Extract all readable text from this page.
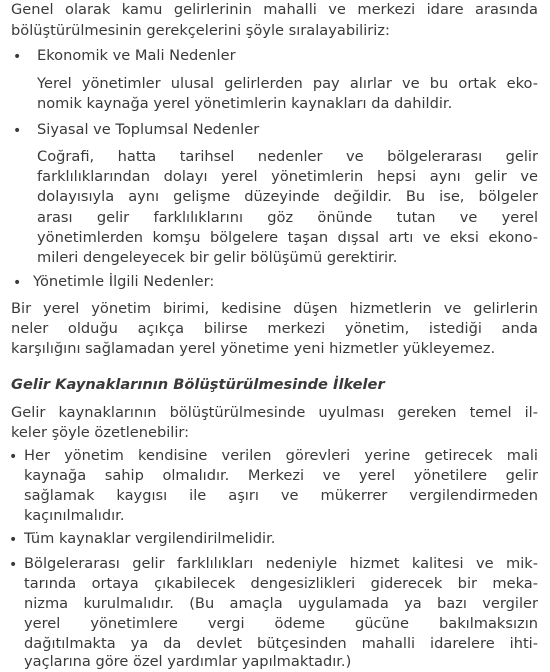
Genel olarak kamu gelirlerinin mahalli ve merkezi idare arasında
bölüştürülmesinin gerekçelerini şöyle sıralayabiliriz:
• Ekonomik ve Mali Nedenler
Yerel yönetimler ulusal gelirlerden pay alırlar ve bu ortak eko-
nomik kaynağa yerel yönetimlerin kaynakları da dahildir.
• Siyasal ve Toplumsal Nedenler
Coğrafi, hatta tarihsel nedenler ve bölgelerarası gelir
farklılıklarından dolayı yerel yönetimlerin hepsi aynı gelir ve
dolayısıyla aynı gelişme düzeyinde değildir. Bu ise, bölgeler
arası gelir farklılıklarını göz önünde tutan ve yerel
yönetimlerden komşu bölgelere taşan dışsal artı ve eksi ekono-
mileri dengeleyecek bir gelir bölüşümü gerektirir.
• Yönetimle İlgili Nedenler:
Bir yerel yönetim birimi, kedisine düşen hizmetlerin ve gelirlerin
neler olduğu açıkça bilirse merkezi yönetim, istediği anda
karşılığını sağlamadan yerel yönetime yeni hizmetler yükleyemez.
Gelir Kaynaklarının Bölüştürülmesinde İlkeler
Gelir kaynaklarının bölüştürülmesinde uyulması gereken temel il-
keler şöyle özetlenebilir:
• Her yönetim kendisine verilen görevleri yerine getirecek mali
kaynağa sahip olmalıdır. Merkezi ve yerel yönetilere gelir
sağlamak kaygısı ile aşırı ve mükerrer vergilendirmeden
kaçınılmalıdır.
• Tüm kaynaklar vergilendirilmelidir.
• Bölgelerarası gelir farklılıkları nedeniyle hizmet kalitesi ve mik-
tarında ortaya çıkabilecek dengesizlikleri giderecek bir meka-
nizma kurulmalıdır. (Bu amaçla uygulamada ya bazı vergiler
yerel yönetimlere vergi ödeme gücüne bakılmaksızın
dağıtılmakta ya da devlet bütçesinden mahalli idarelere ihti-
yaçlarına göre özel yardımlar yapılmaktadır.)
